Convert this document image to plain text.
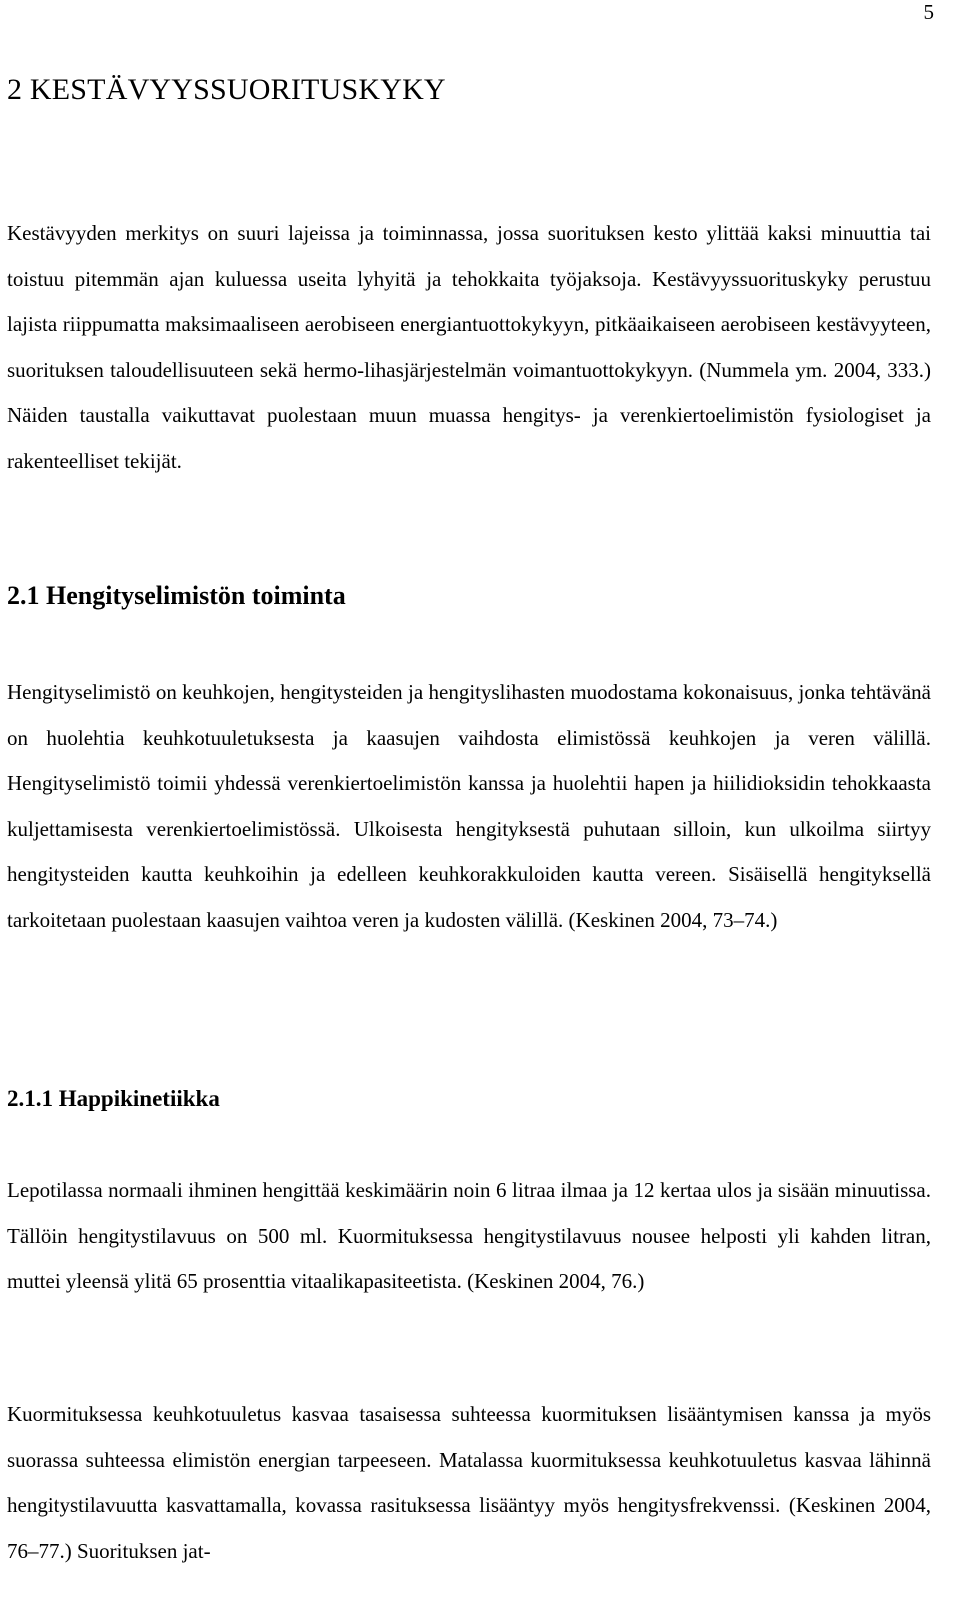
5
2 KESTÄVYYSSUORITUSKYKY

Kestävyyden merkitys on suuri lajeissa ja toiminnassa, jossa suorituksen kesto ylittää kaksi minuuttia tai toistuu pitemmän ajan kuluessa useita lyhyitä ja tehokkaita työjaksoja. Kestävyyssuorituskyky perustuu lajista riippumatta maksimaaliseen aerobiseen energiantuottokykyyn, pitkäaikaiseen aerobiseen kestävyyteen, suorituksen taloudellisuuteen sekä hermo-lihasjärjestelmän voimantuottokykyyn. (Nummela ym. 2004, 333.) Näiden taustalla vaikuttavat puolestaan muun muassa hengitys- ja verenkiertoelimistön fysiologiset ja rakenteelliset tekijät.

2.1 Hengityselimistön toiminta

Hengityselimistö on keuhkojen, hengitysteiden ja hengityslihasten muodostama kokonaisuus, jonka tehtävänä on huolehtia keuhkotuuletuksesta ja kaasujen vaihdosta elimistössä keuhkojen ja veren välillä. Hengityselimistö toimii yhdessä verenkiertoelimistön kanssa ja huolehtii hapen ja hiilidioksidin tehokkaasta kuljettamisesta verenkiertoelimistössä. Ulkoisesta hengityksestä puhutaan silloin, kun ulkoilma siirtyy hengitysteiden kautta keuhkoihin ja edelleen keuhkorakkuloiden kautta vereen. Sisäisellä hengityksellä tarkoitetaan puolestaan kaasujen vaihtoa veren ja kudosten välillä. (Keskinen 2004, 73–74.)

2.1.1 Happikinetiikka

Lepotilassa normaali ihminen hengittää keskimäärin noin 6 litraa ilmaa ja 12 kertaa ulos ja sisään minuutissa. Tällöin hengitystilavuus on 500 ml. Kuormituksessa hengitystilavuus nousee helposti yli kahden litran, muttei yleensä ylitä 65 prosenttia vitaalikapasiteetista. (Keskinen 2004, 76.)

Kuormituksessa keuhkotuuletus kasvaa tasaisessa suhteessa kuormituksen lisääntymisen kanssa ja myös suorassa suhteessa elimistön energian tarpeeseen. Matalassa kuormituksessa keuhkotuuletus kasvaa lähinnä hengitystilavuutta kasvattamalla, kovassa rasituksessa lisääntyy myös hengitysfrekvenssi. (Keskinen 2004, 76–77.) Suorituksen jat-
